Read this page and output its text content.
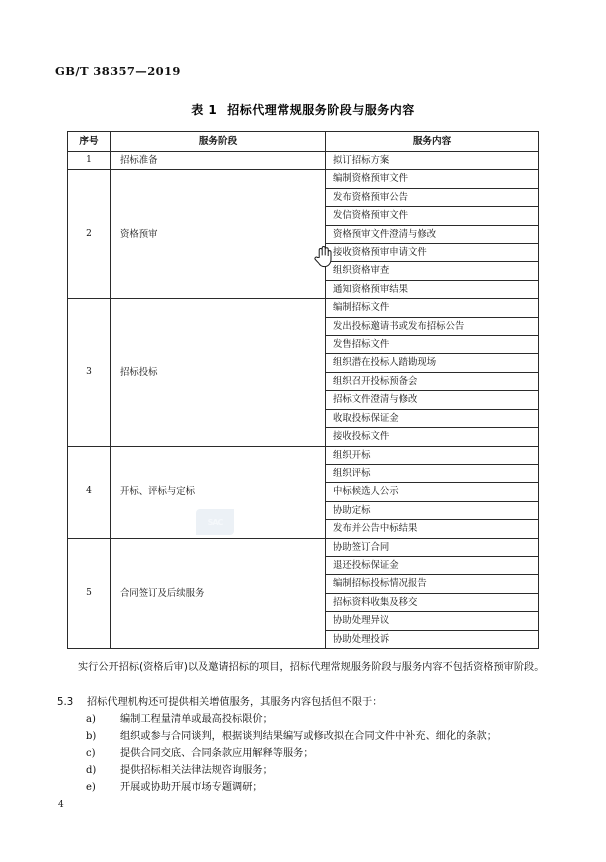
GB/T 38357—2019
表 1 招标代理常规服务阶段与服务内容
序号	服务阶段	服务内容
1	招标准备	拟订招标方案
2	资格预审	编制资格预审文件
		发布资格预审公告
		发信资格预审文件
		资格预审文件澄清与修改
		接收资格预审申请文件
		组织资格审查
		通知资格预审结果
3	招标投标	编制招标文件
		发出投标邀请书或发布招标公告
		发售招标文件
		组织潜在投标人踏勘现场
		组织召开投标预备会
		招标文件澄清与修改
		收取投标保证金
		接收投标文件
4	开标、评标与定标	组织开标
		组织评标
		中标候选人公示
		协助定标
		发布并公告中标结果
5	合同签订及后续服务	协助签订合同
		退还投标保证金
		编制招标投标情况报告
		招标资料收集及移交
		协助处理异议
		协助处理投诉
SAC
实行公开招标(资格后审)以及邀请招标的项目，招标代理常规服务阶段与服务内容不包括资格预审阶段。
5.3 招标代理机构还可提供相关增值服务，其服务内容包括但不限于：
a) 编制工程量清单或最高投标限价；
b) 组织或参与合同谈判，根据谈判结果编写或修改拟在合同文件中补充、细化的条款；
c) 提供合同交底、合同条款应用解释等服务；
d) 提供招标相关法律法规咨询服务；
e) 开展或协助开展市场专题调研；
4
